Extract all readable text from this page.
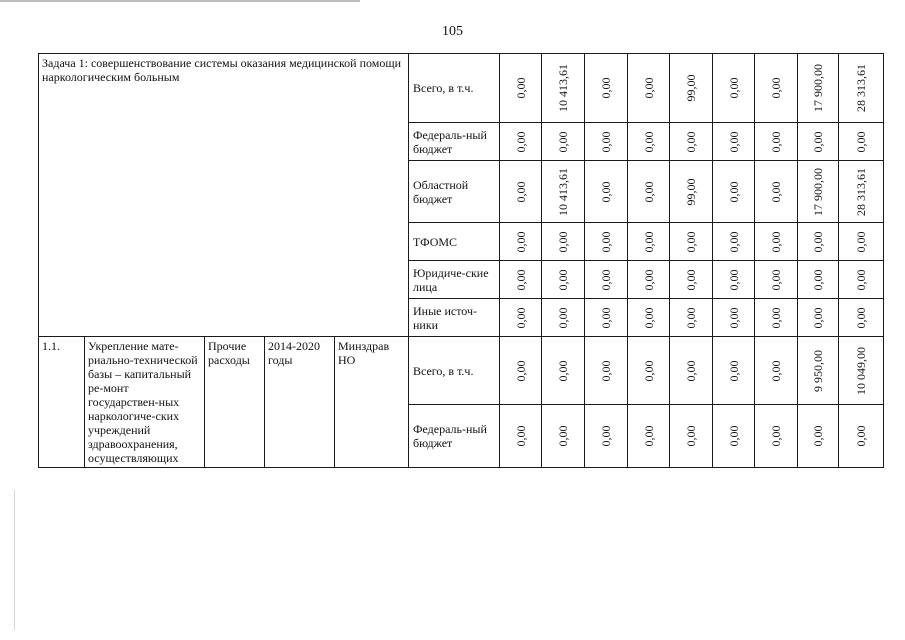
105
Задача 1: совершенствование системы оказания медицинской помощи наркологическим больным					Всего, в т.ч.	0,00	10 413,61	0,00	0,00	99,00	0,00	0,00	17 900,00	28 313,61

					Федераль-ный бюджет	0,00	0,00	0,00	0,00	0,00	0,00	0,00	0,00	0,00

					Областной бюджет	0,00	10 413,61	0,00	0,00	99,00	0,00	0,00	17 900,00	28 313,61

					ТФОМС	0,00	0,00	0,00	0,00	0,00	0,00	0,00	0,00	0,00

					Юридиче-ские лица	0,00	0,00	0,00	0,00	0,00	0,00	0,00	0,00	0,00

					Иные источ-ники	0,00	0,00	0,00	0,00	0,00	0,00	0,00	0,00	0,00

1.1.	Укрепление мате-риально-технической базы – капитальный ре-монт государствен-ных наркологиче-ских учреждений здравоохранения, осуществляющих	Прочие расходы	2014-2020 годы	Минздрав НО	Всего, в т.ч.	0,00	0,00	0,00	0,00	0,00	0,00	0,00	9 950,00	10 049,00

					Федераль-ный бюджет	0,00	0,00	0,00	0,00	0,00	0,00	0,00	0,00	0,00
